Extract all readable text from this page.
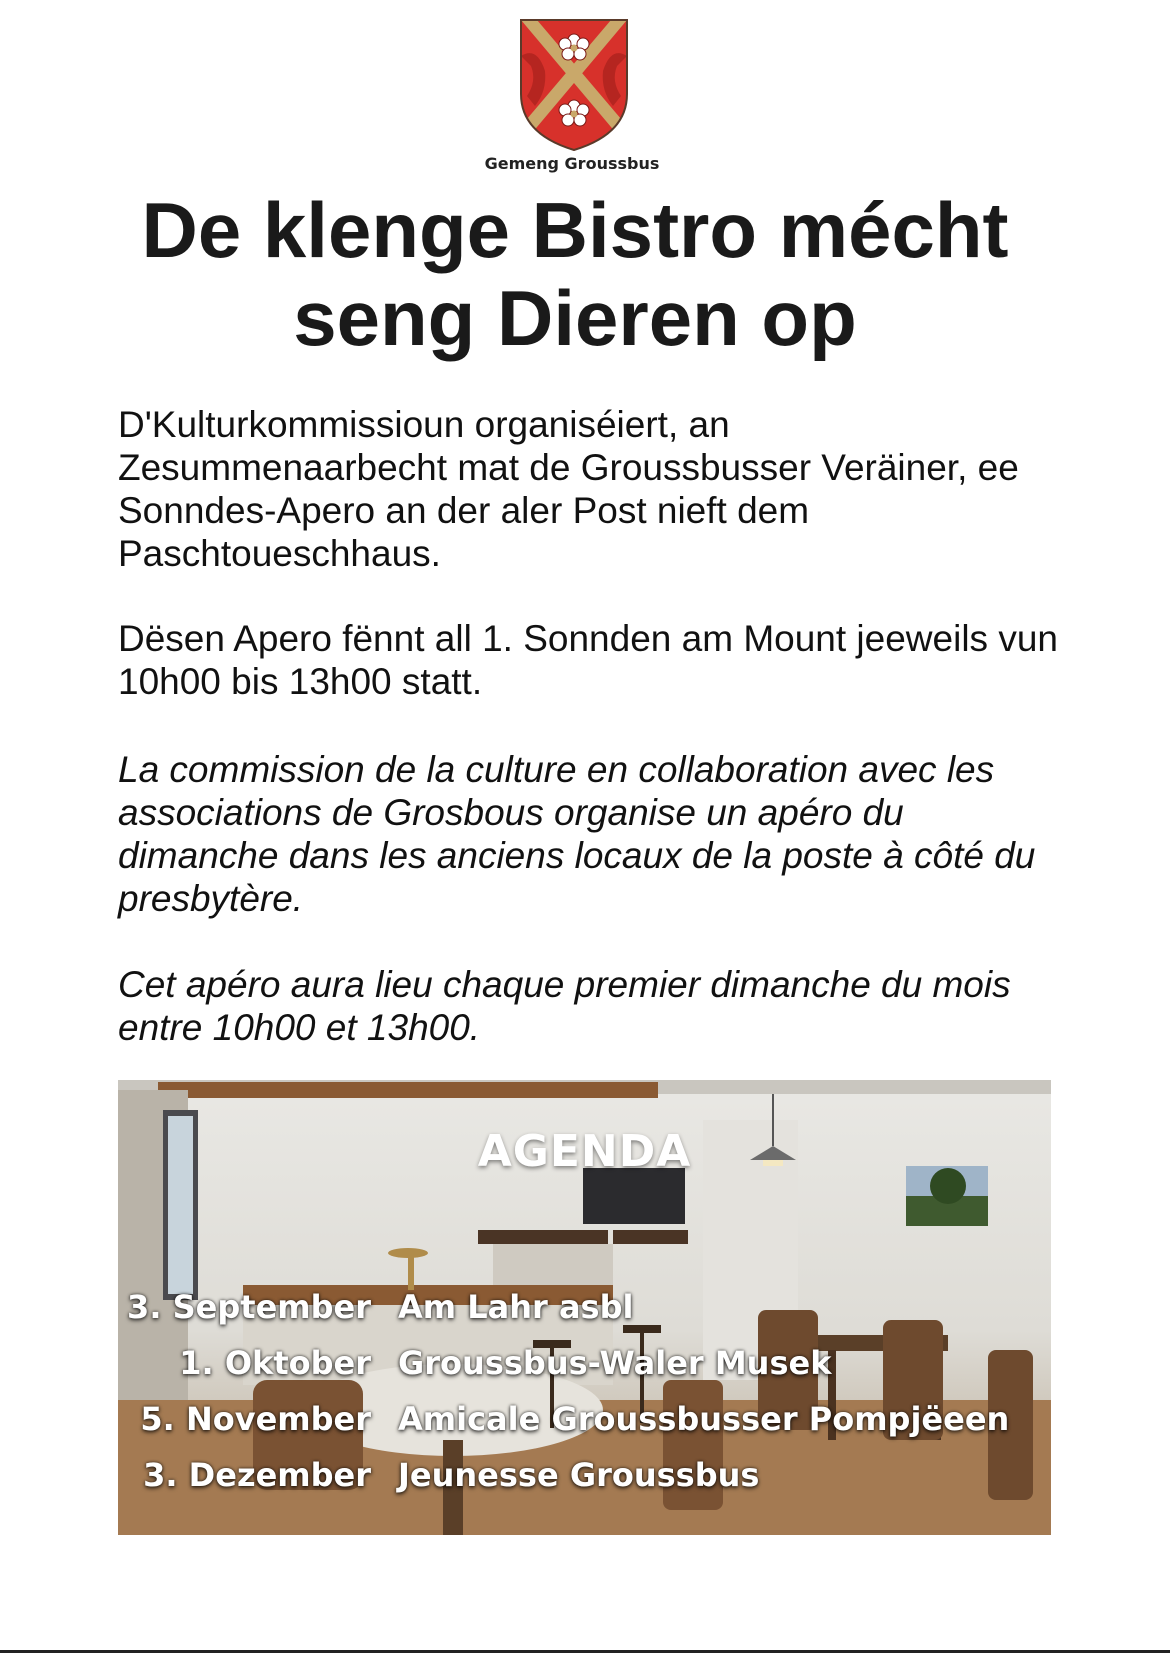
Gemeng Groussbus
De klenge Bistro mécht seng Dieren op

D'Kulturkommissioun organiséiert, an Zesummenaarbecht mat de Groussbusser Veräiner, ee Sonndes-Apero an der aler Post nieft dem Paschtoueschhaus.

Dësen Apero fënnt all 1. Sonnden am Mount jeeweils vun 10h00 bis 13h00 statt.

La commission de la culture en collaboration avec les associations de Grosbous organise un apéro du dimanche dans les anciens locaux de la poste à côté du presbytère.

Cet apéro aura lieu chaque premier dimanche du mois entre 10h00 et 13h00.

AGENDA
3. September Am Lahr asbl
1. Oktober Groussbus-Waler Musek
5. November Amicale Groussbusser Pompjëeen
3. Dezember Jeunesse Groussbus
